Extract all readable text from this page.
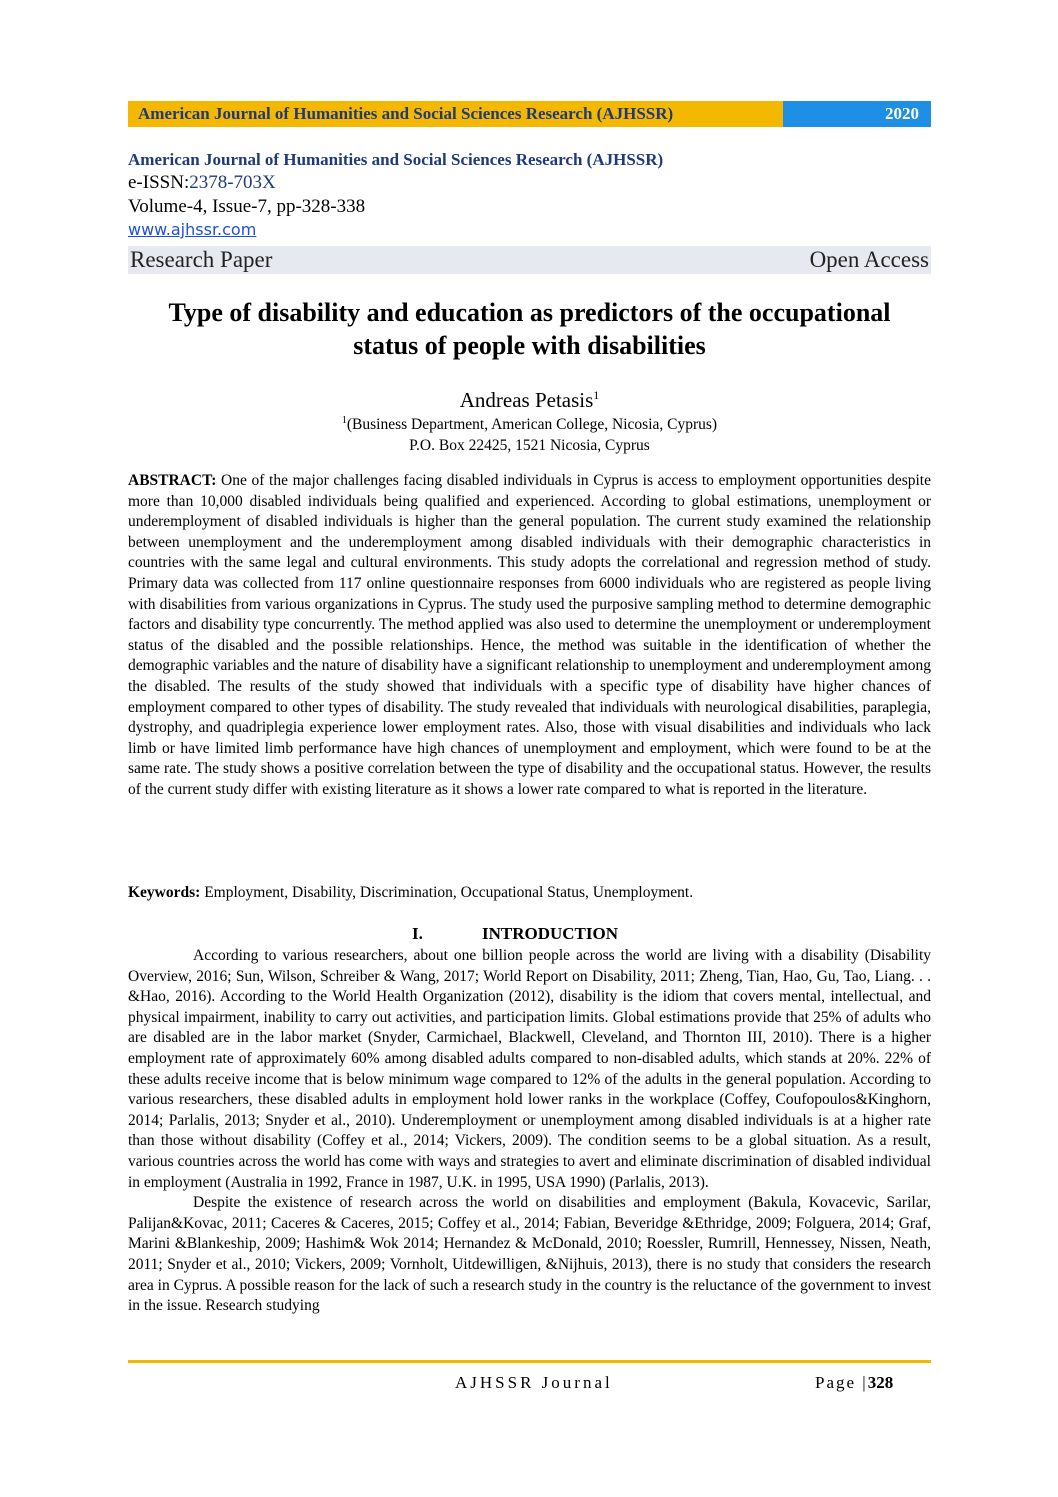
American Journal of Humanities and Social Sciences Research (AJHSSR)	2020
American Journal of Humanities and Social Sciences Research (AJHSSR)
e-ISSN:2378-703X
Volume-4, Issue-7, pp-328-338
www.ajhssr.com
Research Paper	Open Access
Type of disability and education as predictors of the occupational
status of people with disabilities
Andreas Petasis$^1$
$^1$(Business Department, American College, Nicosia, Cyprus)
P.O. Box 22425, 1521 Nicosia, Cyprus
ABSTRACT: One of the major challenges facing disabled individuals in Cyprus is access to employment opportunities despite more than 10,000 disabled individuals being qualified and experienced. According to global estimations, unemployment or underemployment of disabled individuals is higher than the general population. The current study examined the relationship between unemployment and the underemployment among disabled individuals with their demographic characteristics in countries with the same legal and cultural environments. This study adopts the correlational and regression method of study. Primary data was collected from 117 online questionnaire responses from 6000 individuals who are registered as people living with disabilities from various organizations in Cyprus. The study used the purposive sampling method to determine demographic factors and disability type concurrently. The method applied was also used to determine the unemployment or underemployment status of the disabled and the possible relationships. Hence, the method was suitable in the identification of whether the demographic variables and the nature of disability have a significant relationship to unemployment and underemployment among the disabled. The results of the study showed that individuals with a specific type of disability have higher chances of employment compared to other types of disability. The study revealed that individuals with neurological disabilities, paraplegia, dystrophy, and quadriplegia experience lower employment rates. Also, those with visual disabilities and individuals who lack limb or have limited limb performance have high chances of unemployment and employment, which were found to be at the same rate. The study shows a positive correlation between the type of disability and the occupational status. However, the results of the current study differ with existing literature as it shows a lower rate compared to what is reported in the literature.
Keywords: Employment, Disability, Discrimination, Occupational Status, Unemployment.
I.	INTRODUCTION

According to various researchers, about one billion people across the world are living with a disability (Disability Overview, 2016; Sun, Wilson, Schreiber & Wang, 2017; World Report on Disability, 2011; Zheng, Tian, Hao, Gu, Tao, Liang. . . &Hao, 2016). According to the World Health Organization (2012), disability is the idiom that covers mental, intellectual, and physical impairment, inability to carry out activities, and participation limits. Global estimations provide that 25% of adults who are disabled are in the labor market (Snyder, Carmichael, Blackwell, Cleveland, and Thornton III, 2010). There is a higher employment rate of approximately 60% among disabled adults compared to non-disabled adults, which stands at 20%. 22% of these adults receive income that is below minimum wage compared to 12% of the adults in the general population. According to various researchers, these disabled adults in employment hold lower ranks in the workplace (Coffey, Coufopoulos&Kinghorn, 2014; Parlalis, 2013; Snyder et al., 2010). Underemployment or unemployment among disabled individuals is at a higher rate than those without disability (Coffey et al., 2014; Vickers, 2009). The condition seems to be a global situation. As a result, various countries across the world has come with ways and strategies to avert and eliminate discrimination of disabled individual in employment (Australia in 1992, France in 1987, U.K. in 1995, USA 1990) (Parlalis, 2013).

Despite the existence of research across the world on disabilities and employment (Bakula, Kovacevic, Sarilar, Palijan&Kovac, 2011; Caceres & Caceres, 2015; Coffey et al., 2014; Fabian, Beveridge &Ethridge, 2009; Folguera, 2014; Graf, Marini &Blankeship, 2009; Hashim& Wok 2014; Hernandez & McDonald, 2010; Roessler, Rumrill, Hennessey, Nissen, Neath, 2011; Snyder et al., 2010; Vickers, 2009; Vornholt, Uitdewilligen, &Nijhuis, 2013), there is no study that considers the research area in Cyprus. A possible reason for the lack of such a research study in the country is the reluctance of the government to invest in the issue. Research studying

AJHSSR Journal	Page |328
